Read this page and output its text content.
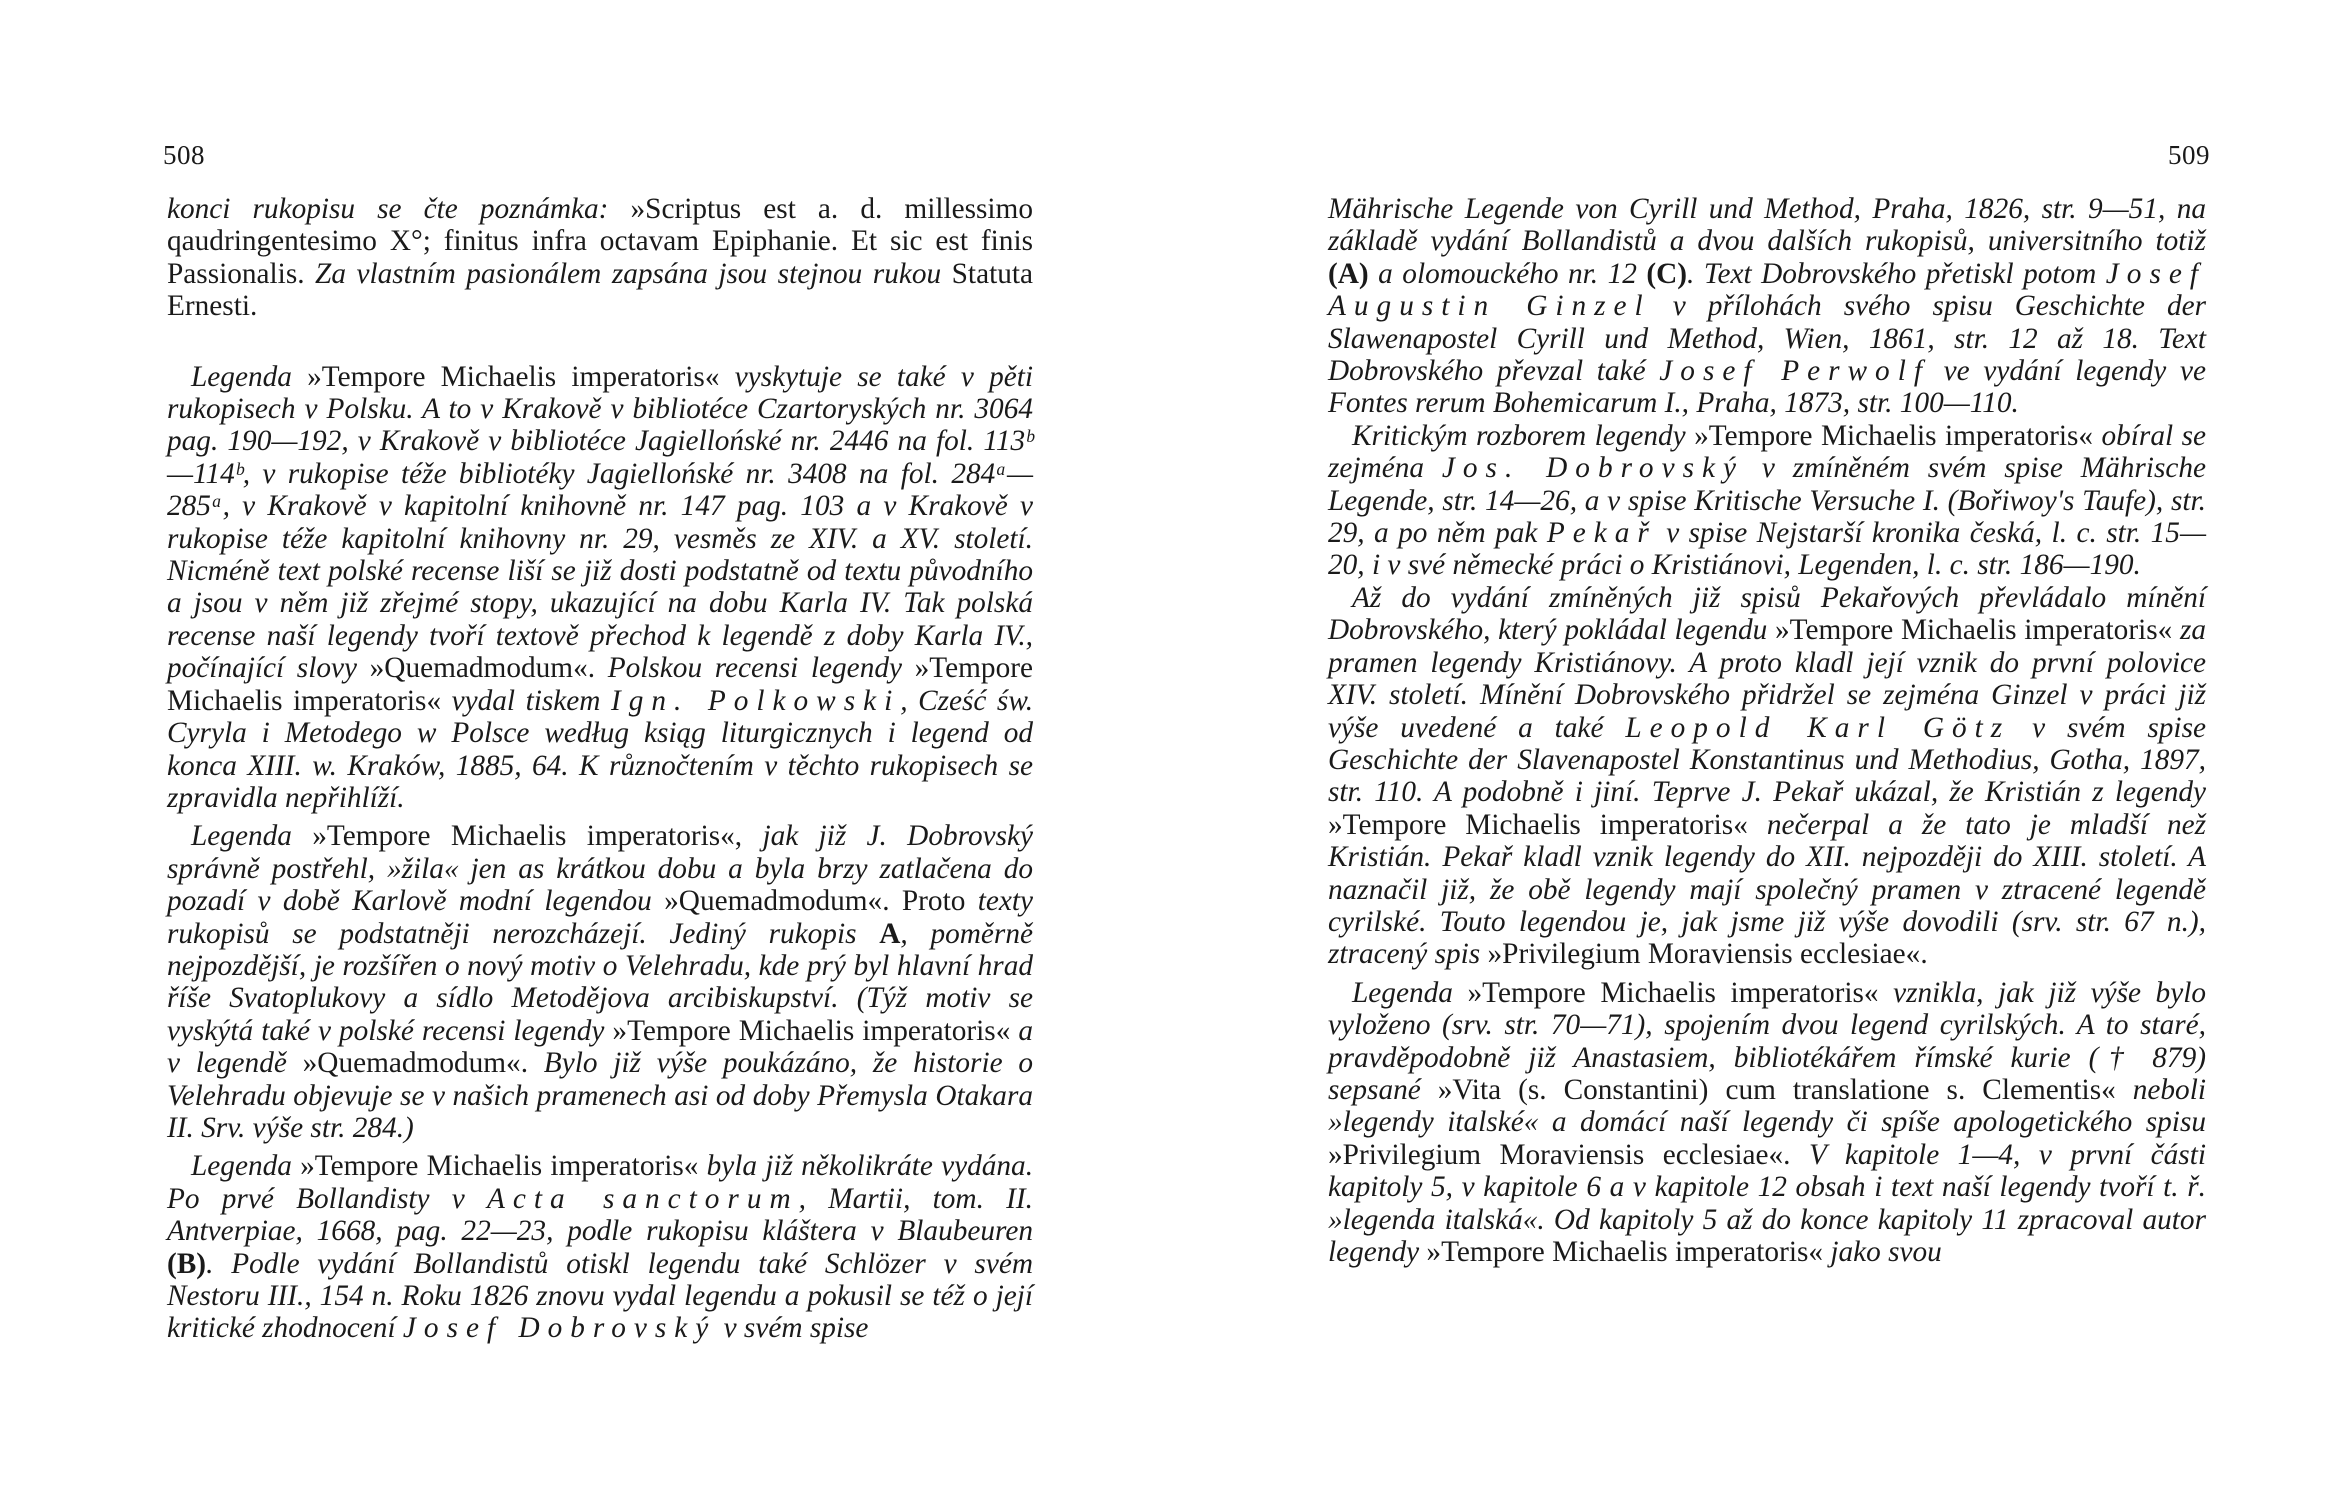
508

konci rukopisu se čte poznámka: »Scriptus est a. d. millessimo qaudringentesimo X°; finitus infra octavam Epiphanie. Et sic est finis Passionalis. Za vlastním pasionálem zapsána jsou stejnou rukou Statuta Ernesti.

Legenda »Tempore Michaelis imperatoris« vyskytuje se také v pěti rukopisech v Polsku. A to v Krakově v bibliotéce Czartoryských nr. 3064 pag. 190—192, v Krakově v bibliotéce Jagiellońské nr. 2446 na fol. 113ᵇ—114ᵇ, v rukopise téže bibliotéky Jagiellońské nr. 3408 na fol. 284ᵃ—285ᵃ, v Krakově v kapitolní knihovně nr. 147 pag. 103 a v Krakově v rukopise téže kapitolní knihovny nr. 29, vesměs ze XIV. a XV. století. Nicméně text polské recense liší se již dosti podstatně od textu původního a jsou v něm již zřejmé stopy, ukazující na dobu Karla IV. Tak polská recense naší legendy tvoří textově přechod k legendě z doby Karla IV., počínající slovy »Quemadmodum«. Polskou recensi legendy »Tempore Michaelis imperatoris« vydal tiskem Ign. Polkowski, Cześć św. Cyryla i Metodego w Polsce według ksiąg liturgicznych i legend od konca XIII. w. Kraków, 1885, 64. K různočtením v těchto rukopisech se zpravidla nepřihlíží.

Legenda »Tempore Michaelis imperatoris«, jak již J. Dobrovský správně postřehl, »žila« jen as krátkou dobu a byla brzy zatlačena do pozadí v době Karlově modní legendou »Quemadmodum«. Proto texty rukopisů se podstatněji nerozcházejí. Jediný rukopis A, poměrně nejpozdější, je rozšířen o nový motiv o Velehradu, kde prý byl hlavní hrad říše Svatoplukovy a sídlo Metodějova arcibiskupství. (Týž motiv se vyskýtá také v polské recensi legendy »Tempore Michaelis imperatoris« a v legendě »Quemadmodum«. Bylo již výše poukázáno, že historie o Velehradu objevuje se v našich pramenech asi od doby Přemysla Otakara II. Srv. výše str. 284.)

Legenda »Tempore Michaelis imperatoris« byla již několikráte vydána. Po prvé Bollandisty v Acta sanctorum, Martii, tom. II. Antverpiae, 1668, pag. 22—23, podle rukopisu kláštera v Blaubeuren (B). Podle vydání Bollandistů otiskl legendu také Schlözer v svém Nestoru III., 154 n. Roku 1826 znovu vydal legendu a pokusil se též o její kritické zhodnocení Josef Dobrovský v svém spise

509

Mährische Legende von Cyrill und Method, Praha, 1826, str. 9—51, na základě vydání Bollandistů a dvou dalších rukopisů, universitního totiž (A) a olomouckého nr. 12 (C). Text Dobrovského přetiskl potom Josef Augustin Ginzel v přílohách svého spisu Geschichte der Slawenapostel Cyrill und Method, Wien, 1861, str. 12 až 18. Text Dobrovského převzal také Josef Perwolf ve vydání legendy ve Fontes rerum Bohemicarum I., Praha, 1873, str. 100—110.

Kritickým rozborem legendy »Tempore Michaelis imperatoris« obíral se zejména Jos. Dobrovský v zmíněném svém spise Mährische Legende, str. 14—26, a v spise Kritische Versuche I. (Bořiwoy's Taufe), str. 29, a po něm pak Pekař v spise Nejstarší kronika česká, l. c. str. 15—20, i v své německé práci o Kristiánovi, Legenden, l. c. str. 186—190.

Až do vydání zmíněných již spisů Pekařových převládalo mínění Dobrovského, který pokládal legendu »Tempore Michaelis imperatoris« za pramen legendy Kristiánovy. A proto kladl její vznik do první polovice XIV. století. Mínění Dobrovského přidržel se zejména Ginzel v práci již výše uvedené a také Leopold Karl Götz v svém spise Geschichte der Slavenapostel Konstantinus und Methodius, Gotha, 1897, str. 110. A podobně i jiní. Teprve J. Pekař ukázal, že Kristián z legendy »Tempore Michaelis imperatoris« nečerpal a že tato je mladší než Kristián. Pekař kladl vznik legendy do XII. nejpozději do XIII. století. A naznačil již, že obě legendy mají společný pramen v ztracené legendě cyrilské. Touto legendou je, jak jsme již výše dovodili (srv. str. 67 n.), ztracený spis »Privilegium Moraviensis ecclesiae«.

Legenda »Tempore Michaelis imperatoris« vznikla, jak již výše bylo vyloženo (srv. str. 70—71), spojením dvou legend cyrilských. A to staré, pravděpodobně již Anastasiem, bibliotékářem římské kurie († 879) sepsané »Vita (s. Constantini) cum translatione s. Clementis« neboli »legendy italské« a domácí naší legendy či spíše apologetického spisu »Privilegium Moraviensis ecclesiae«. V kapitole 1—4, v první části kapitoly 5, v kapitole 6 a v kapitole 12 obsah i text naší legendy tvoří t. ř. »legenda italská«. Od kapitoly 5 až do konce kapitoly 11 zpracoval autor legendy »Tempore Michaelis imperatoris« jako svou
